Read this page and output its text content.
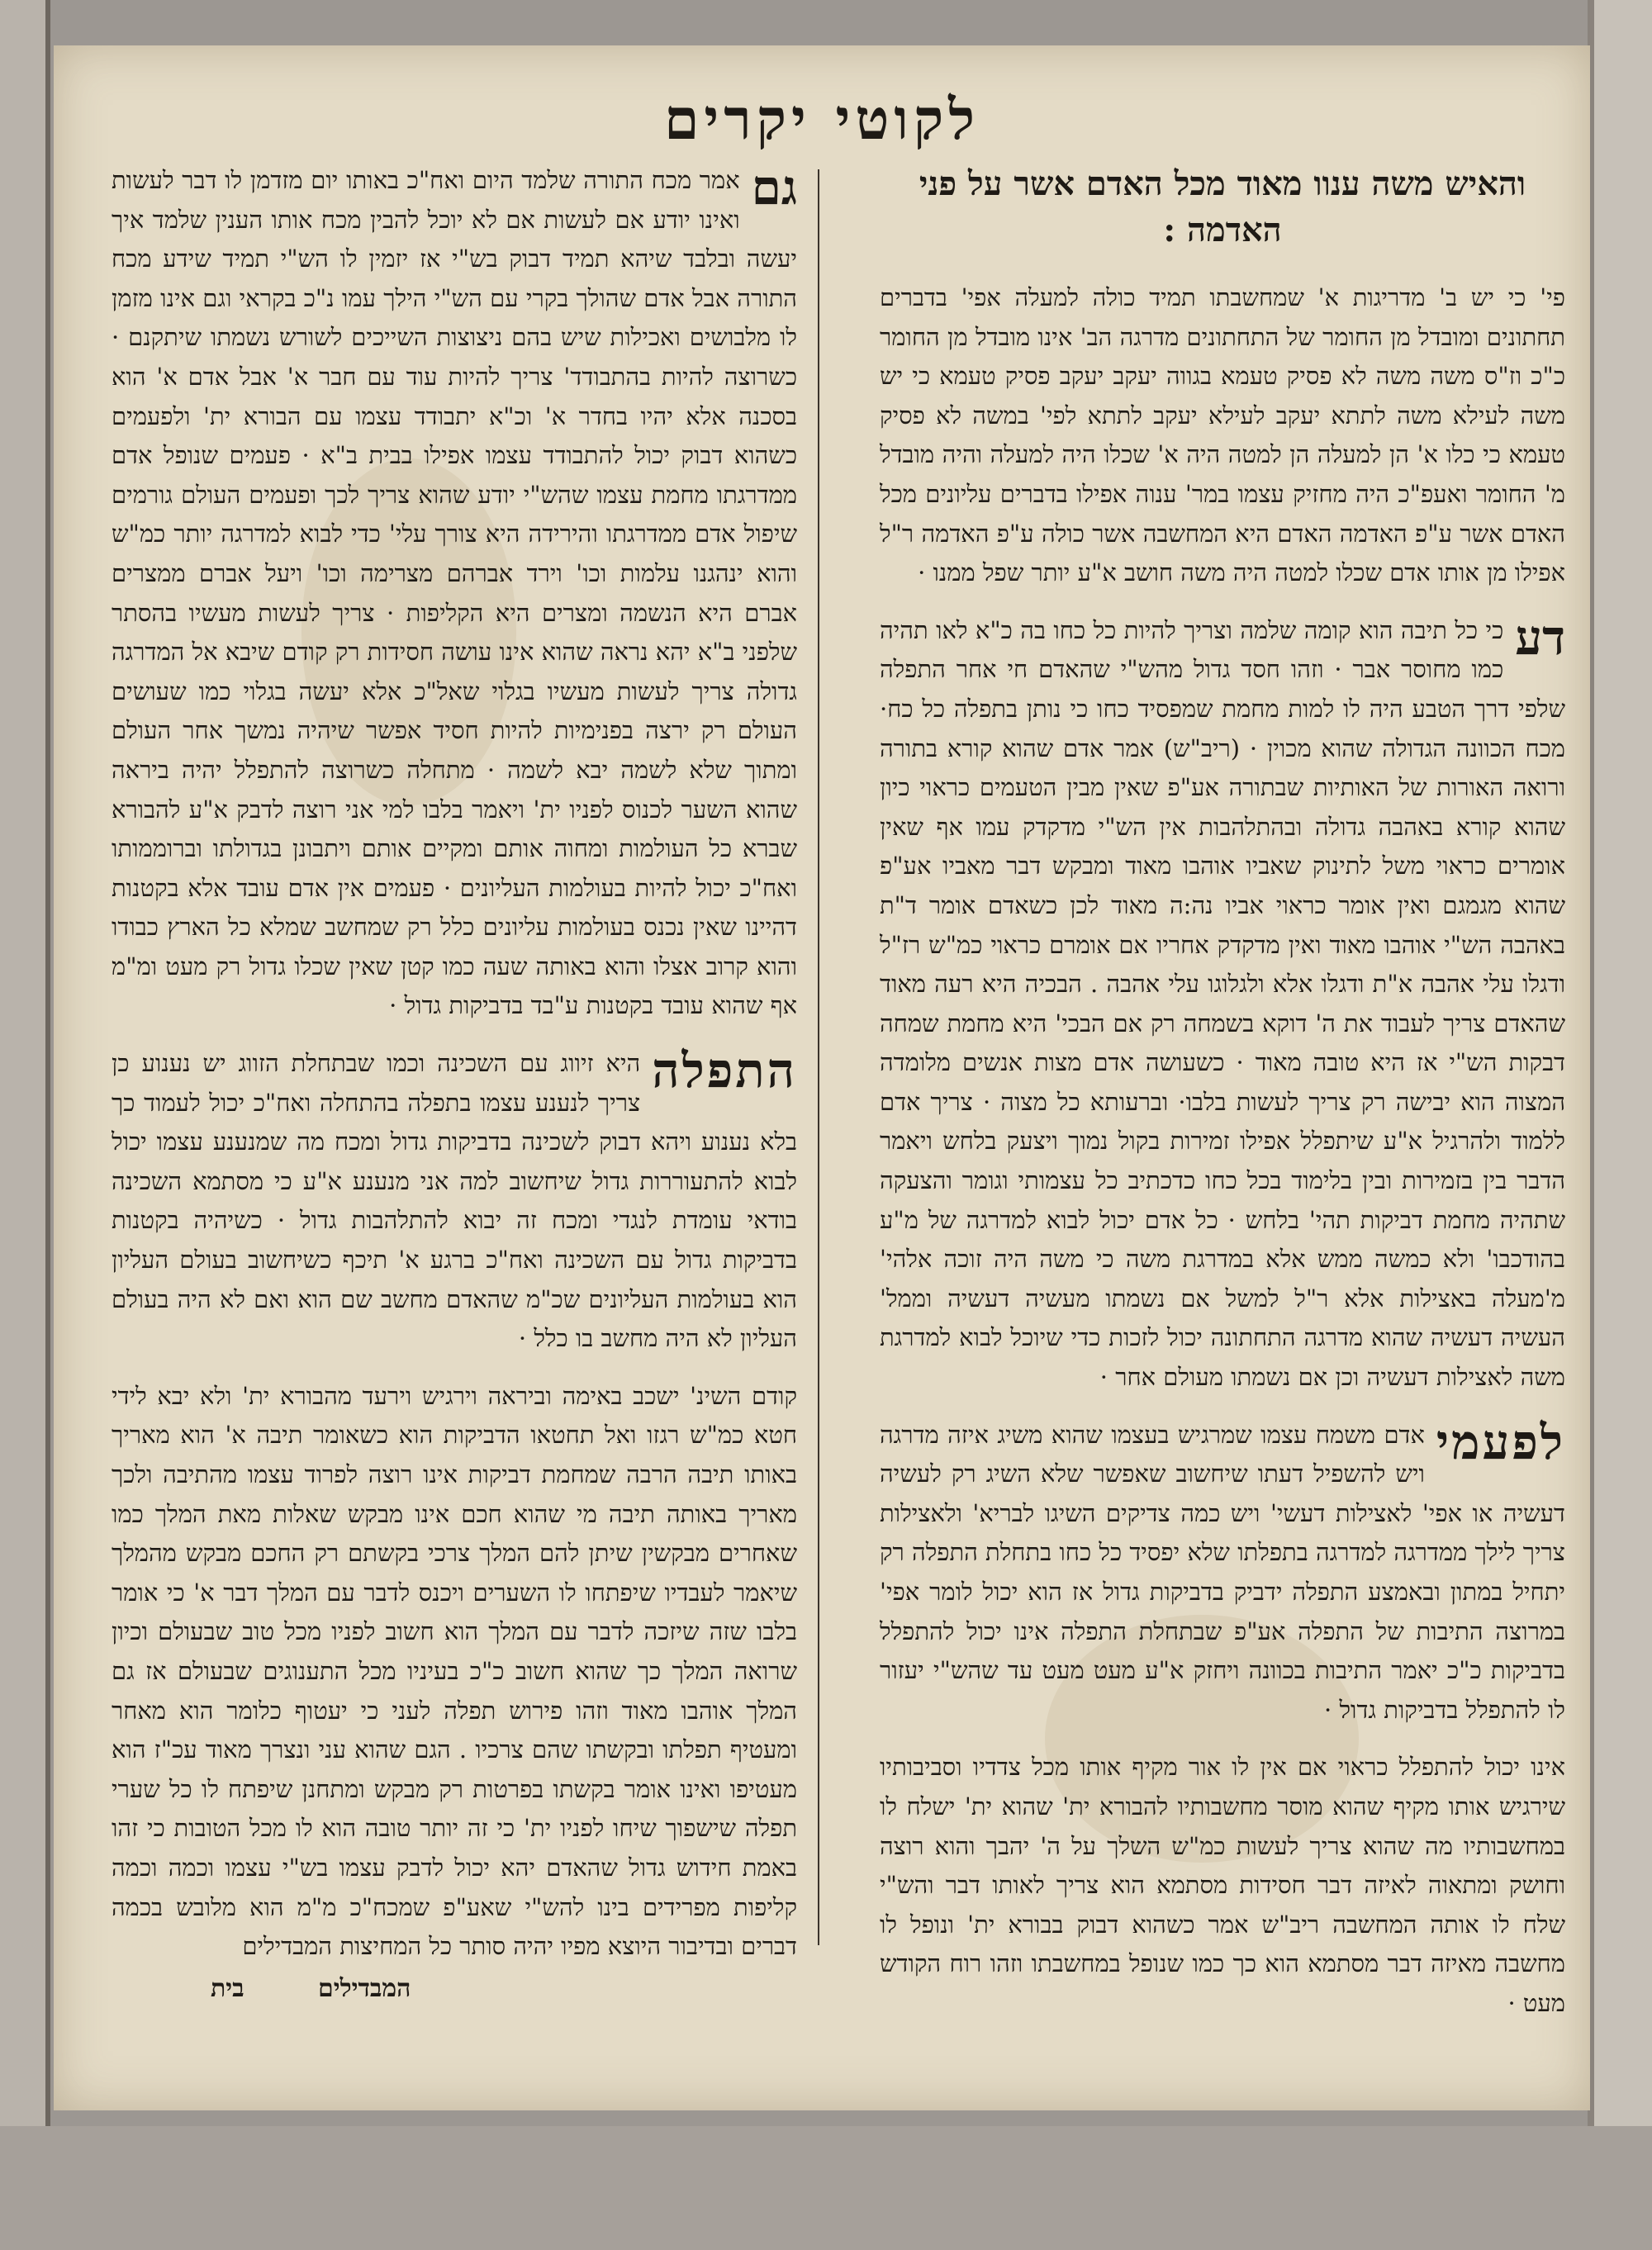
לקוטי יקרים
והאיש משה ענוו מאוד מכל האדם אשר על פני האדמה :
פי' כי יש ב' מדריגות א' שמחשבתו תמיד כולה למעלה אפי' בדברים תחתונים ומובדל מן החומר של התחתונים מדרגה הב' אינו מובדל מן החומר כ"כ וז"ס משה משה לא פסיק טעמא בגווה יעקב יעקב פסיק טעמא כי יש משה לעילא משה לתתא יעקב לעילא יעקב לתתא לפי' במשה לא פסיק טעמא כי כלו א' הן למעלה הן למטה היה א' שכלו היה למעלה והיה מובדל מ' החומר ואעפ"כ היה מחזיק עצמו במר' ענוה אפילו בדברים עליונים מכל האדם אשר ע"פ האדמה האדם היא המחשבה אשר כולה ע"פ האדמה ר"ל אפילו מן אותו אדם שכלו למטה היה משה חושב א"ע יותר שפל ממנו ·
דע
כי כל תיבה הוא קומה שלמה וצריך להיות כל כחו בה כ"א לאו תהיה כמו מחוסר אבר · וזהו חסד גדול מהש"י שהאדם חי אחר התפלה שלפי דרך הטבע היה לו למות מחמת שמפסיד כחו כי נותן בתפלה כל כח· מכח הכוונה הגדולה שהוא מכוין · (ריב"ש) אמר אדם שהוא קורא בתורה ורואה האורות של האותיות שבתורה אע"פ שאין מבין הטעמים כראוי כיון שהוא קורא באהבה גדולה ובהתלהבות אין הש"י מדקדק עמו אף שאין אומרים כראוי משל לתינוק שאביו אוהבו מאוד ומבקש דבר מאביו אע"פ שהוא מגמגם ואין אומר כראוי אביו נה:ה מאוד לכן כשאדם אומר ד"ת באהבה הש"י אוהבו מאוד ואין מדקדק אחריו אם אומרם כראוי כמ"ש רז"ל ודגלו עלי אהבה א"ת ודגלו אלא ולגלוגו עלי אהבה . הבכיה היא רעה מאוד שהאדם צריך לעבוד את ה' דוקא בשמחה רק אם הבכי' היא מחמת שמחה דבקות הש"י אז היא טובה מאוד · כשעושה אדם מצות אנשים מלומדה המצוה הוא יבישה רק צריך לעשות בלבו· וברעותא כל מצוה · צריך אדם ללמוד ולהרגיל א"ע שיתפלל אפילו זמירות בקול נמוך ויצעק בלחש ויאמר הדבר בין בזמירות ובין בלימוד בכל כחו כדכתיב כל עצמותי וגומר והצעקה שתהיה מחמת דביקות תהי' בלחש · כל אדם יכול לבוא למדרגה של מ"ע בהודכבו' ולא כמשה ממש אלא במדרגת משה כי משה היה זוכה אלהי' מ'מעלה באצילות אלא ר"ל למשל אם נשמתו מעשיה דעשיה וממל' העשיה דעשיה שהוא מדרגה התחתונה יכול לזכות כדי שיוכל לבוא למדרגת משה לאצילות דעשיה וכן אם נשמתו מעולם אחר ·
לפעמי
אדם משמח עצמו שמרגיש בעצמו שהוא משיג איזה מדרגה ויש להשפיל דעתו שיחשוב שאפשר שלא השיג רק לעשיה דעשיה או אפי' לאצילות דעשי' ויש כמה צדיקים השיגו לבריא' ולאצילות צריך לילך ממדרגה למדרגה בתפלתו שלא יפסיד כל כחו בתחלת התפלה רק יתחיל במתון ובאמצע התפלה ידביק בדביקות גדול אז הוא יכול לומר אפי' במרוצה התיבות של התפלה אע"פ שבתחלת התפלה אינו יכול להתפלל בדביקות כ"כ יאמר התיבות בכוונה ויחזק א"ע מעט מעט עד שהש"י יעזור לו להתפלל בדביקות גדול ·
אינו יכול להתפלל כראוי אם אין לו אור מקיף אותו מכל צדדיו וסביבותיו שירגיש אותו מקיף שהוא מוסר מחשבותיו להבורא ית' שהוא ית' ישלח לו במחשבותיו מה שהוא צריך לעשות כמ"ש השלך על ה' יהבך והוא רוצה וחושק ומתאוה לאיזה דבר חסידות מסתמא הוא צריך לאותו דבר והש"י שלח לו אותה המחשבה ריב"ש אמר כשהוא דבוק בבורא ית' ונופל לו מחשבה מאיזה דבר מסתמא הוא כך כמו שנופל במחשבתו וזהו רוח הקודש מעט ·
גם
אמר מכח התורה שלמד היום ואח"כ באותו יום מזדמן לו דבר לעשות ואינו יודע אם לעשות אם לא יוכל להבין מכח אותו הענין שלמד איך יעשה ובלבד שיהא תמיד דבוק בש"י אז יזמין לו הש"י תמיד שידע מכח התורה אבל אדם שהולך בקרי עם הש"י הילך עמו נ"כ בקראי וגם אינו מזמן לו מלבושים ואכילות שיש בהם ניצוצות השייכים לשורש נשמתו שיתקנם · כשרוצה להיות בהתבודד' צריך להיות עוד עם חבר א' אבל אדם א' הוא בסכנה אלא יהיו בחדר א' וכ"א יתבודד עצמו עם הבורא ית' ולפעמים כשהוא דבוק יכול להתבודד עצמו אפילו בבית ב"א · פעמים שנופל אדם ממדרגתו מחמת עצמו שהש"י יודע שהוא צריך לכך ופעמים העולם גורמים שיפול אדם ממדרגתו והירידה היא צורך עלי' כדי לבוא למדרגה יותר כמ"ש והוא ינהגנו עלמות וכו' וירד אברהם מצרימה וכו' ויעל אברם ממצרים אברם היא הנשמה ומצרים היא הקליפות · צריך לעשות מעשיו בהסתר שלפני ב"א יהא נראה שהוא אינו עושה חסידות רק קודם שיבא אל המדרגה גדולה צריך לעשות מעשיו בגלוי שאל"כ אלא יעשה בגלוי כמו שעושים העולם רק ירצה בפנימיות להיות חסיד אפשר שיהיה נמשך אחר העולם ומתוך שלא לשמה יבא לשמה · מתחלה כשרוצה להתפלל יהיה ביראה שהוא השער לכנוס לפניו ית' ויאמר בלבו למי אני רוצה לדבק א"ע להבורא שברא כל העולמות ומחוה אותם ומקיים אותם ויתבונן בגדולתו וברוממותו ואח"כ יכול להיות בעולמות העליונים · פעמים אין אדם עובד אלא בקטנות דהיינו שאין נכנס בעולמות עליונים כלל רק שמחשב שמלא כל הארץ כבודו והוא קרוב אצלו והוא באותה שעה כמו קטן שאין שכלו גדול רק מעט ומ"מ אף שהוא עובד בקטנות ע"בד בדביקות גדול ·
התפלה
היא זיווג עם השכינה וכמו שבתחלת הזווג יש נענוע כן צריך לנענע עצמו בתפלה בהתחלה ואח"כ יכול לעמוד כך בלא נענוע ויהא דבוק לשכינה בדביקות גדול ומכח מה שמנענע עצמו יכול לבוא להתעוררות גדול שיחשוב למה אני מנענע א"ע כי מסתמא השכינה בודאי עומדת לנגדי ומכח זה יבוא להתלהבות גדול · כשיהיה בקטנות בדביקות גדול עם השכינה ואח"כ ברגע א' תיכף כשיחשוב בעולם העליון הוא בעולמות העליונים שכ"מ שהאדם מחשב שם הוא ואם לא היה בעולם העליון לא היה מחשב בו כלל ·
קודם השינ' ישכב באימה וביראה וירגיש וירעד מהבורא ית' ולא יבא לידי חטא כמ"ש רגזו ואל תחטאו הדביקות הוא כשאומר תיבה א' הוא מאריך באותו תיבה הרבה שמחמת דביקות אינו רוצה לפרוד עצמו מהתיבה ולכך מאריך באותה תיבה מי שהוא חכם אינו מבקש שאלות מאת המלך כמו שאחרים מבקשין שיתן להם המלך צרכי בקשתם רק החכם מבקש מהמלך שיאמר לעבדיו שיפתחו לו השערים ויכנס לדבר עם המלך דבר א' כי אומר בלבו שזה שיזכה לדבר עם המלך הוא חשוב לפניו מכל טוב שבעולם וכיון שרואה המלך כך שהוא חשוב כ"כ בעיניו מכל התענוגים שבעולם אז גם המלך אוהבו מאוד וזהו פירוש תפלה לעני כי יעטוף כלומר הוא מאחר ומעטיף תפלתו ובקשתו שהם צרכיו . הגם שהוא עני ונצרך מאוד עכ"ז הוא מעטיפו ואינו אומר בקשתו בפרטות רק מבקש ומתחנן שיפתח לו כל שערי תפלה שישפוך שיחו לפניו ית' כי זה יותר טובה הוא לו מכל הטובות כי זהו באמת חידוש גדול שהאדם יהא יכול לדבק עצמו בש"י עצמו וכמה וכמה קליפות מפרידים בינו להש"י שאע"פ שמכח"כ מ"מ הוא מלובש בכמה דברים ובדיבור היוצא מפיו יהיה סותר כל המחיצות המבדילים
בית	המבדילים
